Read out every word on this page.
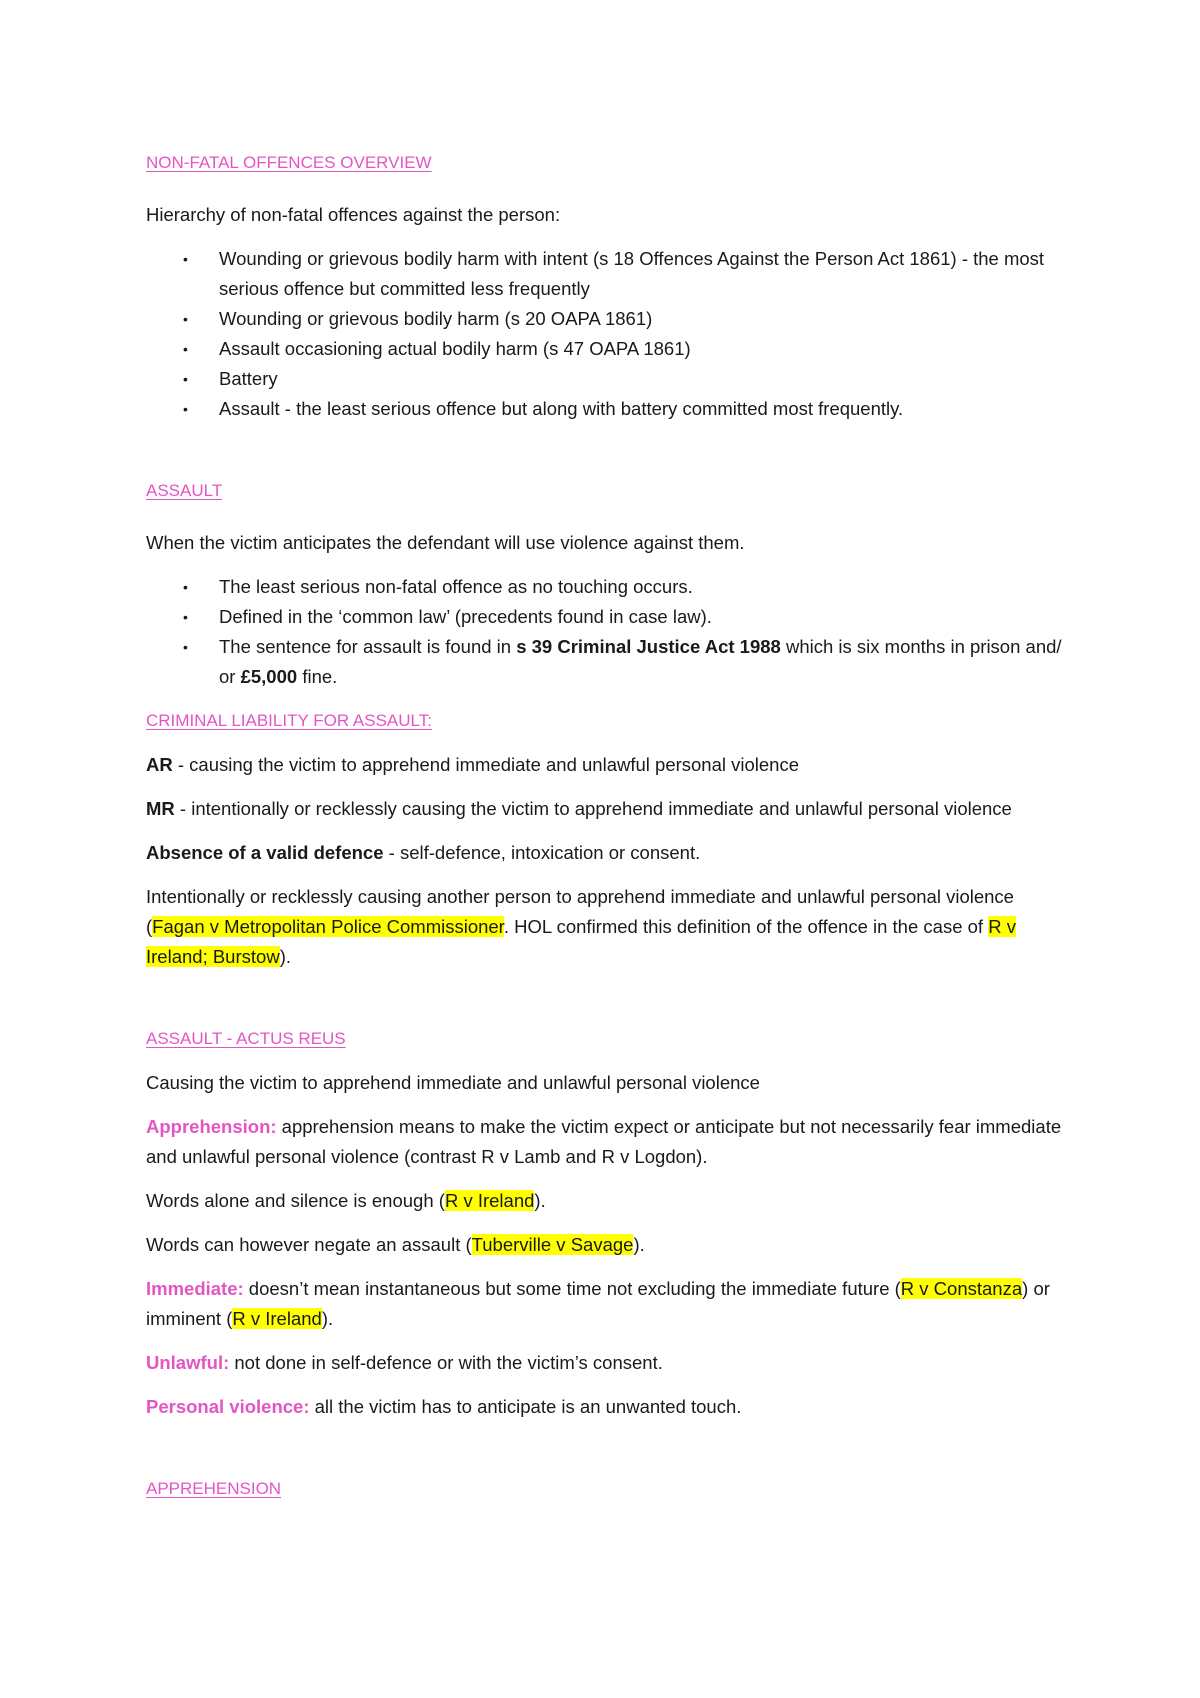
NON-FATAL OFFENCES OVERVIEW

Hierarchy of non-fatal offences against the person:

• Wounding or grievous bodily harm with intent (s 18 Offences Against the Person Act 1861) - the most serious offence but committed less frequently
• Wounding or grievous bodily harm (s 20 OAPA 1861)
• Assault occasioning actual bodily harm (s 47 OAPA 1861)
• Battery
• Assault - the least serious offence but along with battery committed most frequently.

ASSAULT

When the victim anticipates the defendant will use violence against them.

• The least serious non-fatal offence as no touching occurs.
• Defined in the ‘common law’ (precedents found in case law).
• The sentence for assault is found in s 39 Criminal Justice Act 1988 which is six months in prison and/ or £5,000 fine.

CRIMINAL LIABILITY FOR ASSAULT:

AR - causing the victim to apprehend immediate and unlawful personal violence

MR - intentionally or recklessly causing the victim to apprehend immediate and unlawful personal violence

Absence of a valid defence - self-defence, intoxication or consent.

Intentionally or recklessly causing another person to apprehend immediate and unlawful personal violence (Fagan v Metropolitan Police Commissioner. HOL confirmed this definition of the offence in the case of R v Ireland; Burstow).

ASSAULT - ACTUS REUS

Causing the victim to apprehend immediate and unlawful personal violence

Apprehension: apprehension means to make the victim expect or anticipate but not necessarily fear immediate and unlawful personal violence (contrast R v Lamb and R v Logdon).

Words alone and silence is enough (R v Ireland).

Words can however negate an assault (Tuberville v Savage).

Immediate: doesn’t mean instantaneous but some time not excluding the immediate future (R v Constanza) or imminent (R v Ireland).

Unlawful: not done in self-defence or with the victim’s consent.

Personal violence: all the victim has to anticipate is an unwanted touch.

APPREHENSION
